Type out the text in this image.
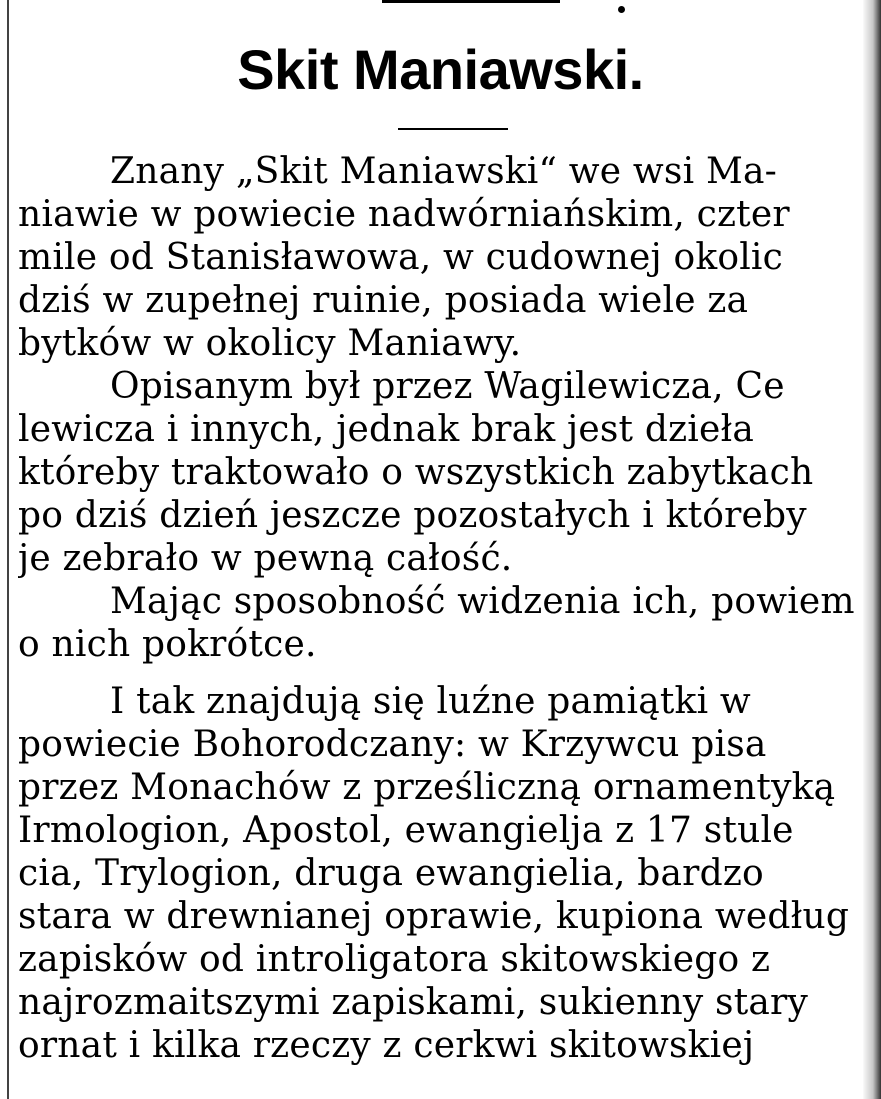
Skit Maniawski.
Znany „Skit Maniawski“ we wsi Ma-
niawie w powiecie nadwórniańskim, czter
mile od Stanisławowa, w cudownej okolic
dziś w zupełnej ruinie, posiada wiele za
bytków w okolicy Maniawy.
Opisanym był przez Wagilewicza, Ce
lewicza i innych, jednak brak jest dzieła
któreby traktowało o wszystkich zabytkach
po dziś dzień jeszcze pozostałych i któreby
je zebrało w pewną całość.
Mając sposobność widzenia ich, powiem
o nich pokrótce.
I tak znajdują się luźne pamiątki w
powiecie Bohorodczany: w Krzywcu pisa
przez Monachów z prześliczną ornamentyką
Irmologion, Apostol, ewangielja z 17 stule
cia, Trylogion, druga ewangielia, bardzo
stara w drewnianej oprawie, kupiona według
zapisków od introligatora skitowskiego z
najrozmaitszymi zapiskami, sukienny stary
ornat i kilka rzeczy z cerkwi skitowskiej
